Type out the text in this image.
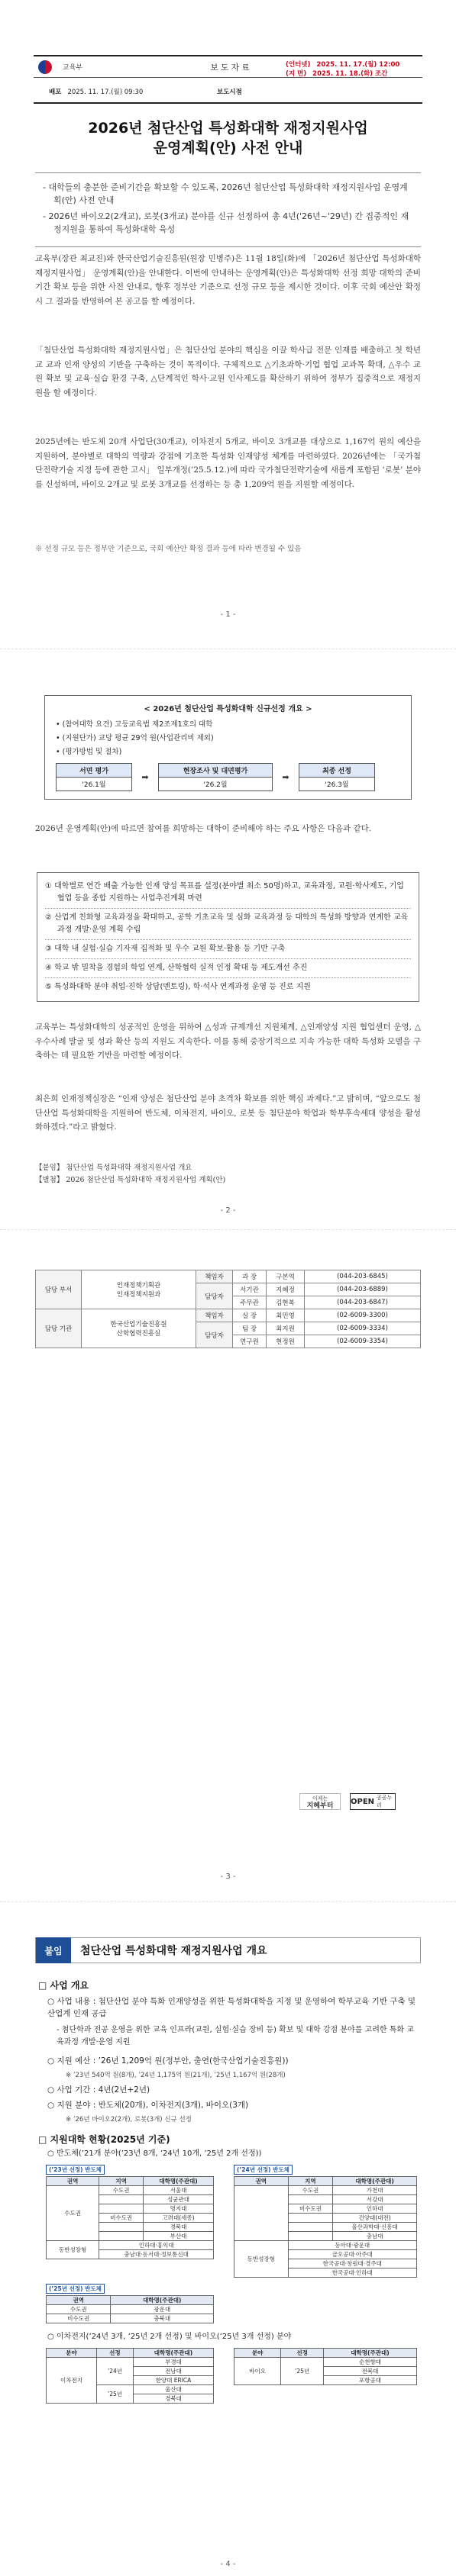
교육부	보도자료	(인터넷) 2025. 11. 17.(월) 12:00
(지 면) 2025. 11. 18.(화) 조간
배포 2025. 11. 17.(월) 09:30	보도시점
2026년 첨단산업 특성화대학 재정지원사업
운영계획(안) 사전 안내

- 대학들의 충분한 준비기간을 확보할 수 있도록, 2026년 첨단산업 특성화대학 재정지원사업 운영계획(안) 사전 안내

- 2026년 바이오2(2개교), 로봇(3개교) 분야를 신규 선정하여 총 4년('26년~'29년) 간 집중적인 재정지원을 통하여 특성화대학 육성

교육부(장관 최교진)와 한국산업기술진흥원(원장 민병주)은 11월 18일(화)에 「2026년 첨단산업 특성화대학 재정지원사업」 운영계획(안)을 안내한다. 이번에 안내하는 운영계획(안)은 특성화대학 선정 희망 대학의 준비기간 확보 등을 위한 사전 안내로, 향후 정부안 기준으로 선정 규모 등을 제시한 것이다. 이후 국회 예산안 확정 시 그 결과를 반영하여 본 공고를 할 예정이다.
「첨단산업 특성화대학 재정지원사업」은 첨단산업 분야의 핵심을 이끌 학사급 전문 인재를 배출하고 첫 학년교 교과 인재 양성의 기반을 구축하는 것이 목적이다. 구체적으로 △기초과학·기업 협업 교과목 확대, △우수 교원 확보 및 교육·실습 환경 구축, △단계적인 학사·교원 인사제도를 확산하기 위하여 정부가 집중적으로 재정지원을 할 예정이다.
2025년에는 반도체 20개 사업단(30개교), 이차전지 5개교, 바이오 3개교를 대상으로 1,167억 원의 예산을 지원하여, 분야별로 대학의 역량과 강점에 기초한 특성화 인재양성 체계를 마련하였다. 2026년에는 「국가첨단전략기술 지정 등에 관한 고시」 일부개정(’25.5.12.)에 따라 국가첨단전략기술에 새롭게 포함된 ‘로봇’ 분야를 신설하며, 바이오 2개교 및 로봇 3개교를 선정하는 등 총 1,209억 원을 지원할 예정이다.
※ 선정 규모 등은 정부안 기준으로, 국회 예산안 확정 결과 등에 따라 변경될 수 있음
- 1 -
< 2026년 첨단산업 특성화대학 신규선정 개요 >
• (참여대학 요건) 고등교육법 제2조제1호의 대학
• (지원단가) 교당 평균 29억 원(사업관리비 제외)
• (평가방법 및 절차)
서면 평가
'26.1월
➡
현장조사 및 대면평가
'26.2월
➡
최종 선정
'26.3월
2026년 운영계획(안)에 따르면 참여를 희망하는 대학이 준비해야 하는 주요 사항은 다음과 같다.

① 대학별로 연간 배출 가능한 인재 양성 목표를 설정(분야별 최소 50명)하고, 교육과정, 교원·학사제도, 기업협업 등을 종합 지원하는 사업추진계획 마련

② 산업계 친화형 교육과정을 확대하고, 공학 기초교육 및 심화 교육과정 등 대학의 특성화 방향과 연계한 교육과정 개발·운영 계획 수립

③ 대학 내 실험·실습 기자재 집적화 및 우수 교원 확보·활용 등 기반 구축

④ 학교 밖 밀착을 경험의 학업 연계, 산학협력 실적 인정 확대 등 제도개선 추진

⑤ 특성화대학 분야 취업·진학 상담(멘토링), 학·석사 연계과정 운영 등 진로 지원

교육부는 특성화대학의 성공적인 운영을 위하여 △성과 규제개선 지원체계, △인재양성 지원 협업센터 운영, △우수사례 발굴 및 성과 확산 등의 지원도 지속한다. 이를 통해 중장기적으로 지속 가능한 대학 특성화 모델을 구축하는 데 필요한 기반을 마련할 예정이다.
최은희 인재정책실장은 “인재 양성은 첨단산업 분야 초격차 확보를 위한 핵심 과제다.”고 밝히며, “앞으로도 첨단산업 특성화대학을 지원하여 반도체, 이차전지, 바이오, 로봇 등 첨단분야 학업과 학부후속세대 양성을 활성화하겠다.”라고 밝혔다.
【붙임】 첨단산업 특성화대학 재정지원사업 개요
【별첨】 2026 첨단산업 특성화대학 재정지원사업 계획(안)
- 2 -
담당 부서	인재정책기획관
인재정책지원과	책임자	과 장	구본역	(044-203-6845)
		담당자	서기관	지혜정	(044-203-6889)
			주무관	김현복	(044-203-6847)
담당 기관	한국산업기술진흥원
산학협력진흥실	책임자	실 장	최민영	(02-6009-3300)
		담당자	팀 장	최지원	(02-6009-3334)
			연구원	현정원	(02-6009-3354)
이제는
지혜부터
OPEN 공공누리
- 3 -
붙임	첨단산업 특성화대학 재정지원사업 개요
□ 사업 개요
○ 사업 내용 : 첨단산업 분야 특화 인재양성을 위한 특성화대학을 지정 및 운영하여 학부교육 기반 구축 및 산업계 인재 공급
- 첨단학과 전공 운영을 위한 교육 인프라(교원, 실험·실습 장비 등) 확보 및 대학 강점 분야를 고려한 특화 교육과정 개발·운영 지원
○ 지원 예산 : ’26년 1,209억 원(정부안, 출연(한국산업기술진흥원))
※ ’23년 540억 원(8개), ’24년 1,175억 원(21개), ’25년 1,167억 원(28개)
○ 사업 기간 : 4년(2년+2년)
○ 지원 분야 : 반도체(20개), 이차전지(3개), 바이오(3개)
※ ’26년 바이오2(2개), 로봇(3개) 신규 선정
□ 지원대학 현황(2025년 기준)
○ 반도체(’21개 분야(’23년 8개, ’24년 10개, ’25년 2개 선정))
(’23년 선정) 반도체
권역	지역	대학명(주관대)
수도권	수도권	서울대
		성균관대
		명지대
	비수도권	고려대(세종)
		경북대
		부산대
동반성장형	인하대·홍익대	
	충남대·동서대·정보통신대	
(’24년 선정) 반도체
권역	지역	대학명(주관대)
	수도권	가천대
		서강대
	비수도권	인하대
		건양대(대전)
		울산과학대·신흥대
		충남대
동반성장형	동아대·광운대	
	금오공대·아주대	
	한국공대·창원대·경주대	
	한국공대·인하대	
(’25년 선정) 반도체
권역	대학명(주관대)
수도권	광운대
비수도권	충북대
○ 이차전지(’24년 3개, ’25년 2개 선정) 및 바이오(’25년 3개 선정) 분야
분야	선정	대학명(주관대)
이차전지	’24년	부경대
		전남대
		한양대 ERICA
	’25년	울산대
		경북대
분야	선정	대학명(주관대)
바이오	’25년	순천향대
		전북대
		포항공대
- 4 -
